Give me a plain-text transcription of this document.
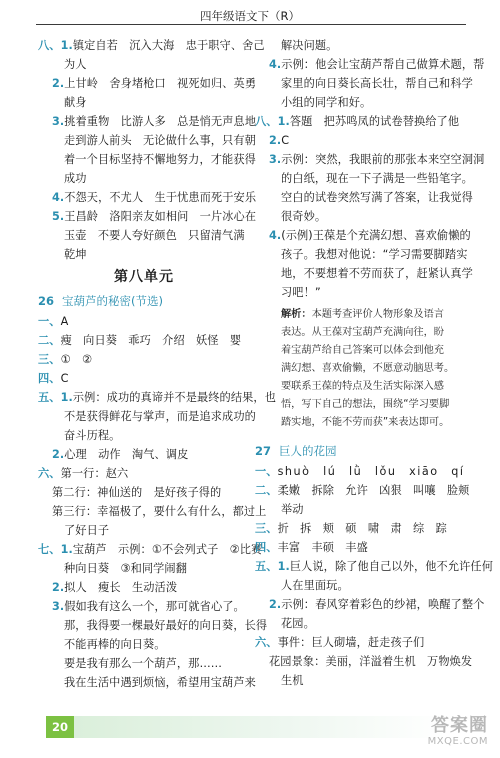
四年级语文下（R）
八、1.镇定自若　沉入大海　忠于职守、舍己
为人
2.上甘岭　舍身堵枪口　视死如归、英勇
献身
3.挑着重物　比游人多　总是悄无声息地
走到游人前头　无论做什么事，只有朝
着一个目标坚持不懈地努力，才能获得
成功
4.不怨天，不尤人　生于忧患而死于安乐
5.王昌龄　洛阳亲友如相问　一片冰心在
玉壶　不要人夸好颜色　只留清气满
乾坤
第八单元
26 宝葫芦的秘密(节选)
一、A
二、瘦　向日葵　乖巧　介绍　妖怪　婴
三、①　②
四、C
五、1.示例：成功的真谛并不是最终的结果，也
不是获得鲜花与掌声，而是追求成功的
奋斗历程。
2.心理　动作　淘气、调皮
六、第一行：赵六
第二行：神仙送的　是好孩子得的
第三行：幸福极了，要什么有什么，都过上
了好日子
七、1.宝葫芦　示例：①不会列式子　②比赛
种向日葵　③和同学闹翻
2.拟人　瘦长　生动活泼
3.假如我有这么一个，那可就省心了。
那，我得要一棵最好最好的向日葵，长得
不能再棒的向日葵。
要是我有那么一个葫芦，那……
我在生活中遇到烦恼，希望用宝葫芦来
解决问题。
4.示例：他会让宝葫芦帮自己做算术题，帮
家里的向日葵长高长壮，帮自己和科学
小组的同学和好。
八、1.答题　把苏鸣凤的试卷替换给了他
2.C
3.示例：突然，我眼前的那张本来空空洞洞
的白纸，现在一下子满是一些铅笔字。
空白的试卷突然写满了答案，让我觉得
很奇妙。
4.(示例)王葆是个充满幻想、喜欢偷懒的
孩子。我想对他说：“学习需要脚踏实
地，不要想着不劳而获了，赶紧认真学
习吧！”
解析：本题考查评价人物形象及语言
表达。从王葆对宝葫芦充满向往，盼
着宝葫芦给自己答案可以体会到他充
满幻想、喜欢偷懒，不愿意动脑思考。
要联系王葆的特点及生活实际深入感
悟，写下自己的想法，围绕“学习要脚
踏实地，不能不劳而获”来表达即可。
27 巨人的花园
一、shuò　lú　lǜ　lǒu　xiāo　qí
二、柔嫩　拆除　允许　凶狠　叫嚷　脸颊
举动
三、折　拆　颊　硕　啸　肃　综　踪
四、丰富　丰硕　丰盛
五、1.巨人说，除了他自己以外，他不允许任何
人在里面玩。
2.示例：春风穿着彩色的纱裙，唤醒了整个
花园。
六、事件：巨人砌墙，赶走孩子们
花园景象：美丽，洋溢着生机　万物焕发
生机
20	答案圈
MXQE.COM
